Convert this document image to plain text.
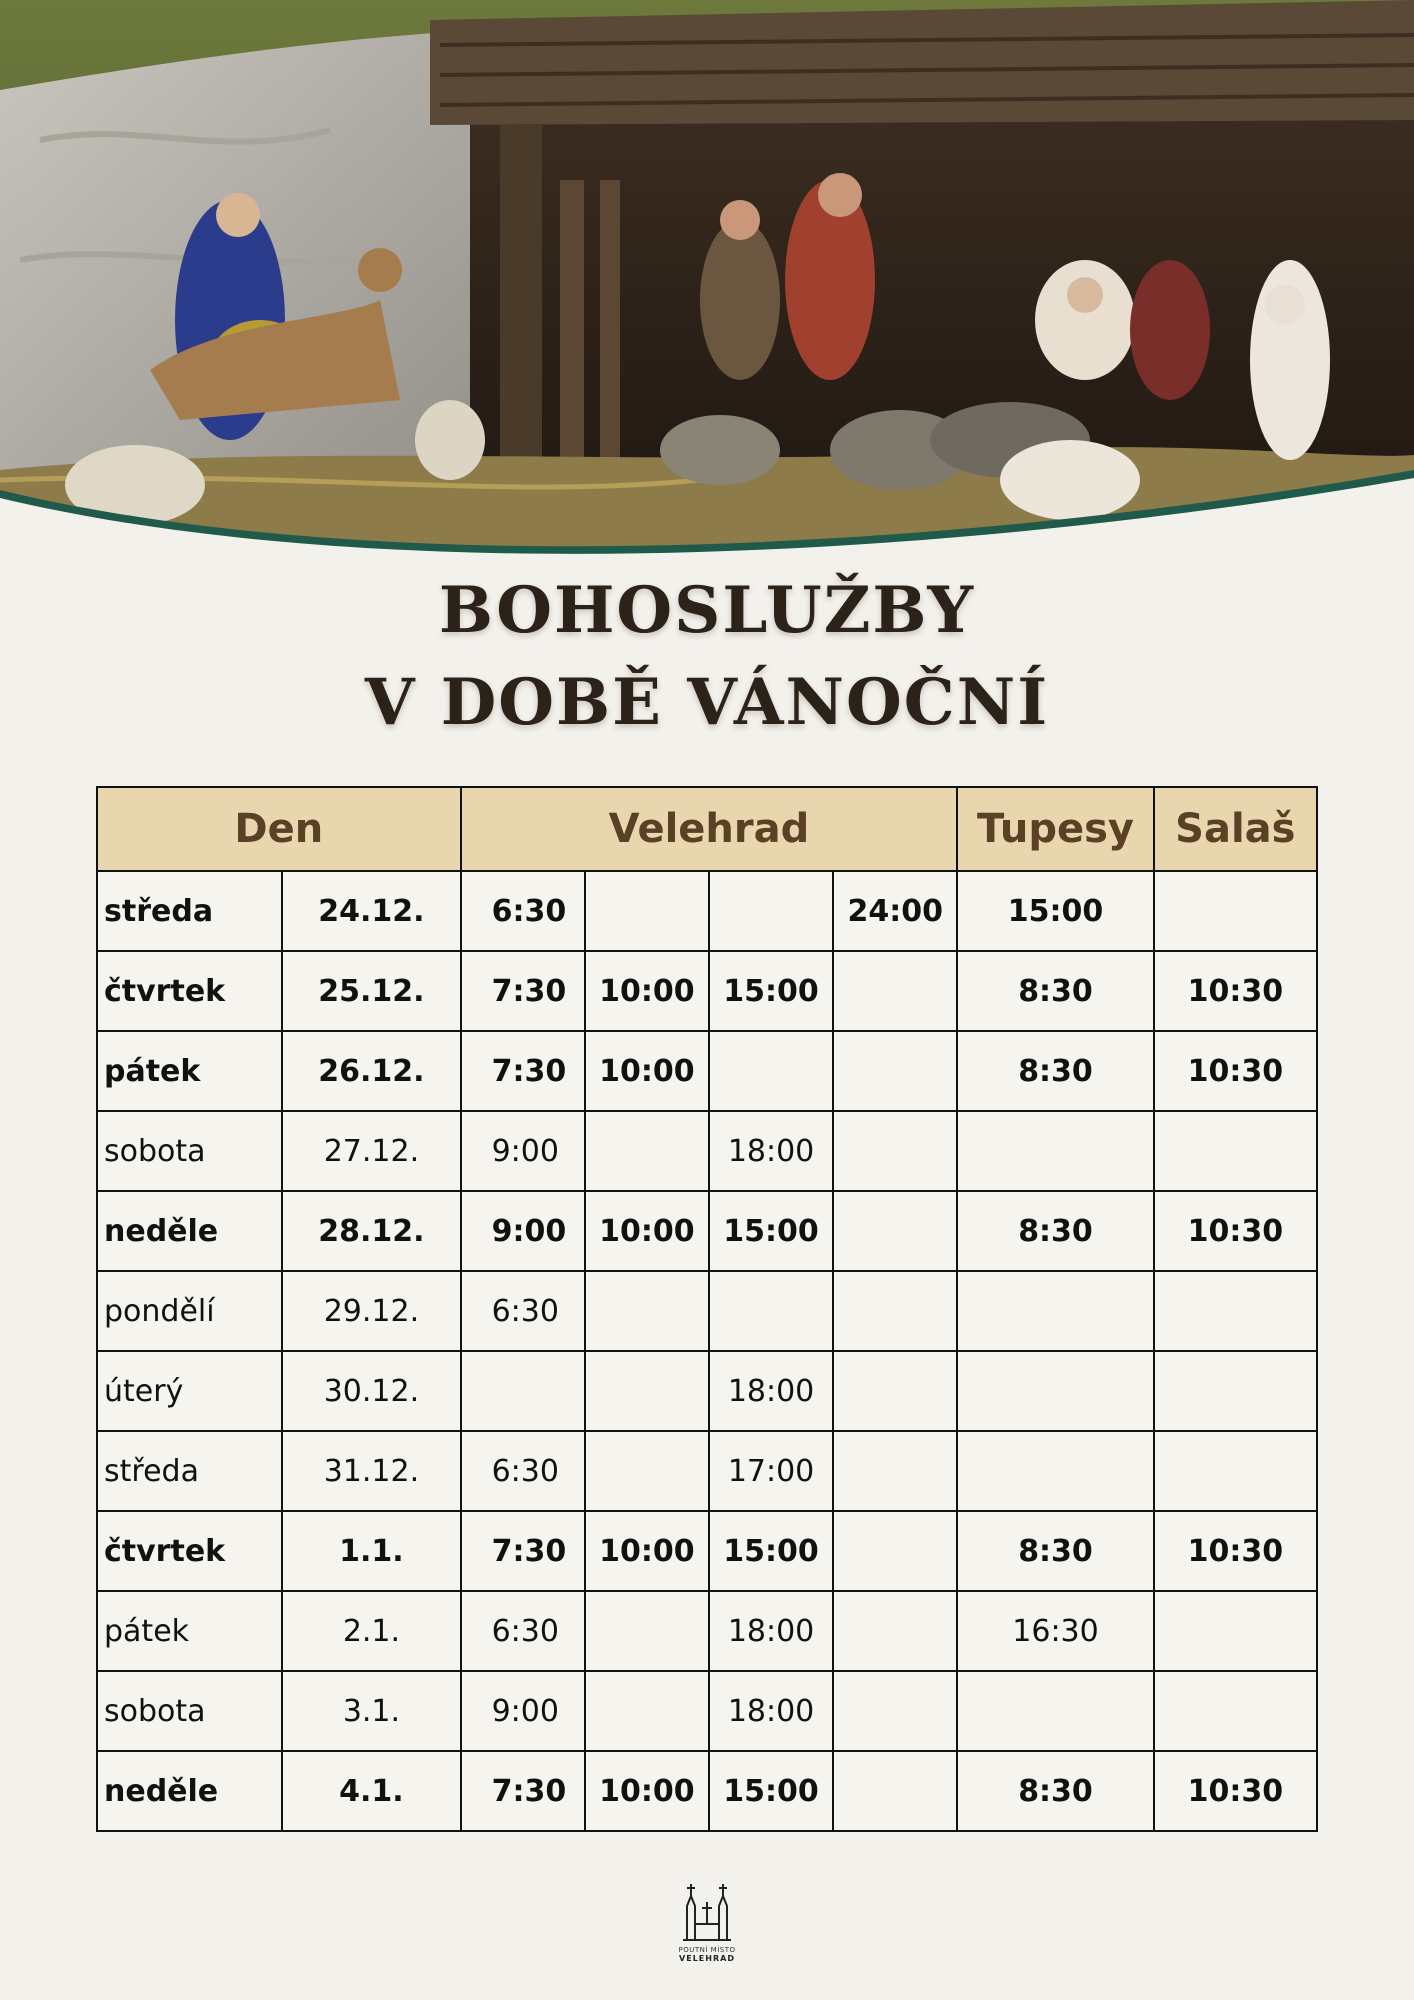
BOHOSLUŽBY
V DOBĚ VÁNOČNÍ
Den		Velehrad				Tupesy	Salaš
středa	24.12.	6:30			24:00	15:00	
čtvrtek	25.12.	7:30	10:00	15:00		8:30	10:30
pátek	26.12.	7:30	10:00			8:30	10:30
sobota	27.12.	9:00		18:00			
neděle	28.12.	9:00	10:00	15:00		8:30	10:30
pondělí	29.12.	6:30					
úterý	30.12.			18:00			
středa	31.12.	6:30		17:00			
čtvrtek	1.1.	7:30	10:00	15:00		8:30	10:30
pátek	2.1.	6:30		18:00		16:30	
sobota	3.1.	9:00		18:00			
neděle	4.1.	7:30	10:00	15:00		8:30	10:30
POUTNÍ MÍSTO
VELEHRAD
